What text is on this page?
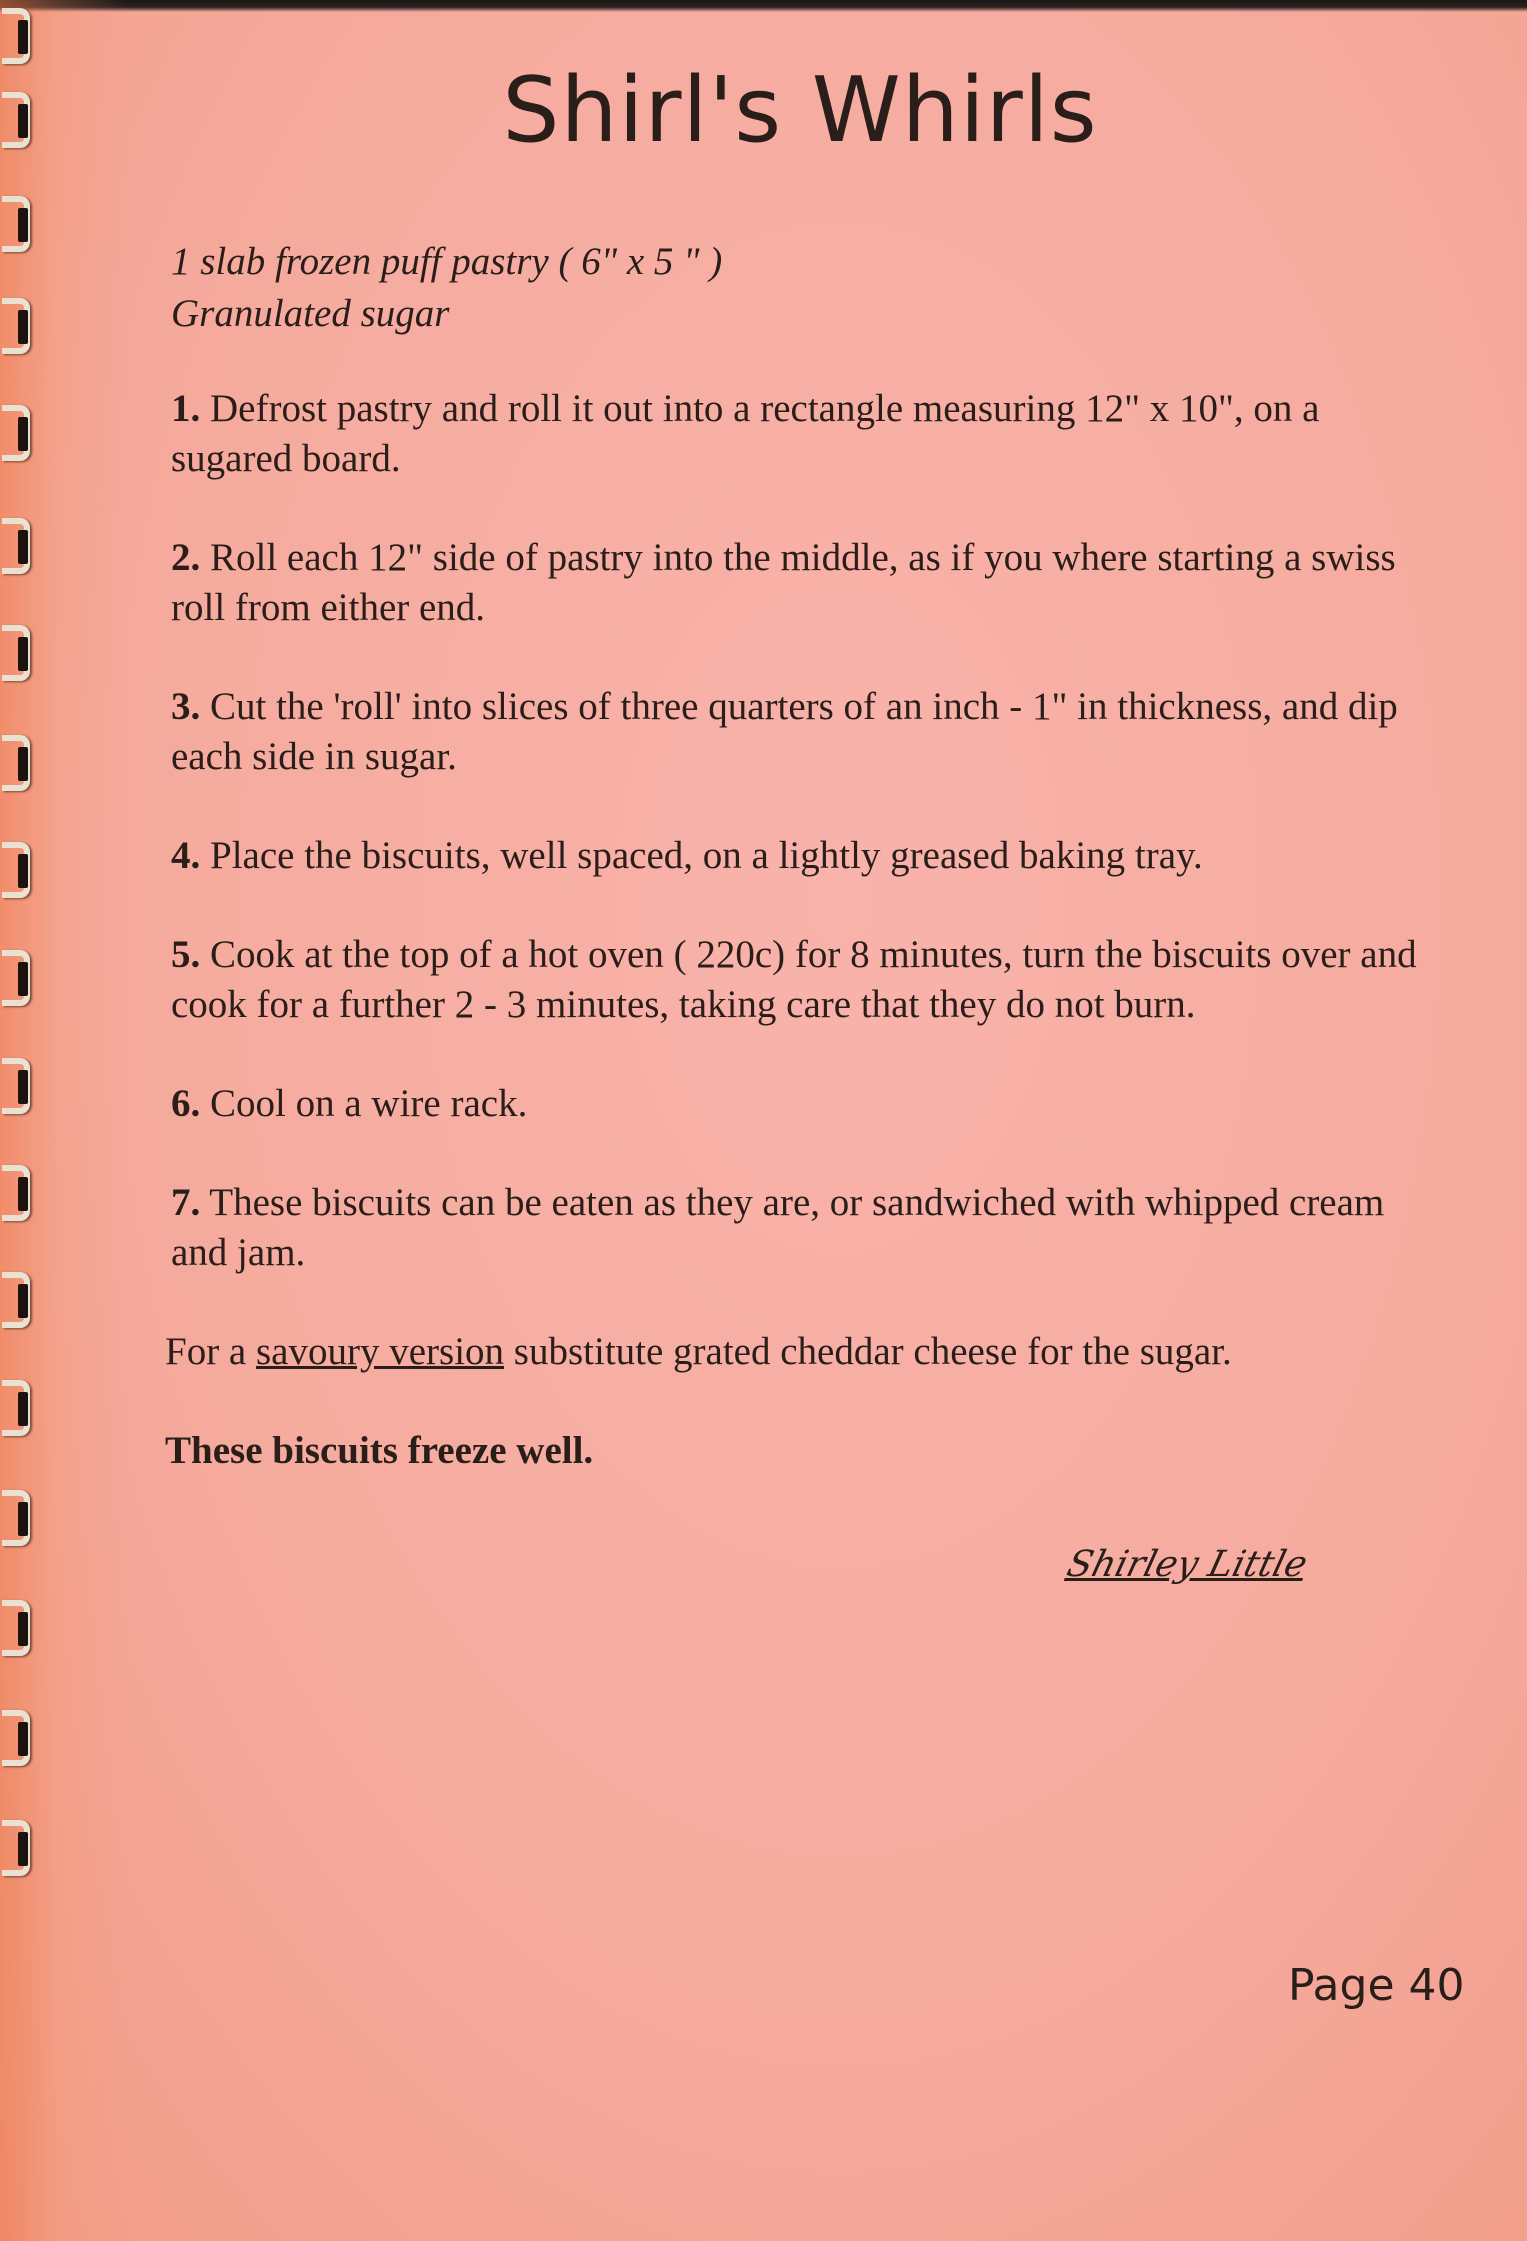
Shirl's Whirls
1 slab frozen puff pastry ( 6" x 5 " )
Granulated sugar
1. Defrost pastry and roll it out into a rectangle measuring 12" x 10", on a sugared board.
2. Roll each 12" side of pastry into the middle, as if you where starting a swiss roll from either end.
3. Cut the 'roll' into slices of three quarters of an inch - 1" in thickness, and dip each side in sugar.
4. Place the biscuits, well spaced, on a lightly greased baking tray.
5. Cook at the top of a hot oven ( 220c) for 8 minutes, turn the biscuits over and cook for a further 2 - 3 minutes, taking care that they do not burn.
6. Cool on a wire rack.
7. These biscuits can be eaten as they are, or sandwiched with whipped cream and jam.
For a savoury version substitute grated cheddar cheese for the sugar.
These biscuits freeze well.
Shirley Little
Page 40
